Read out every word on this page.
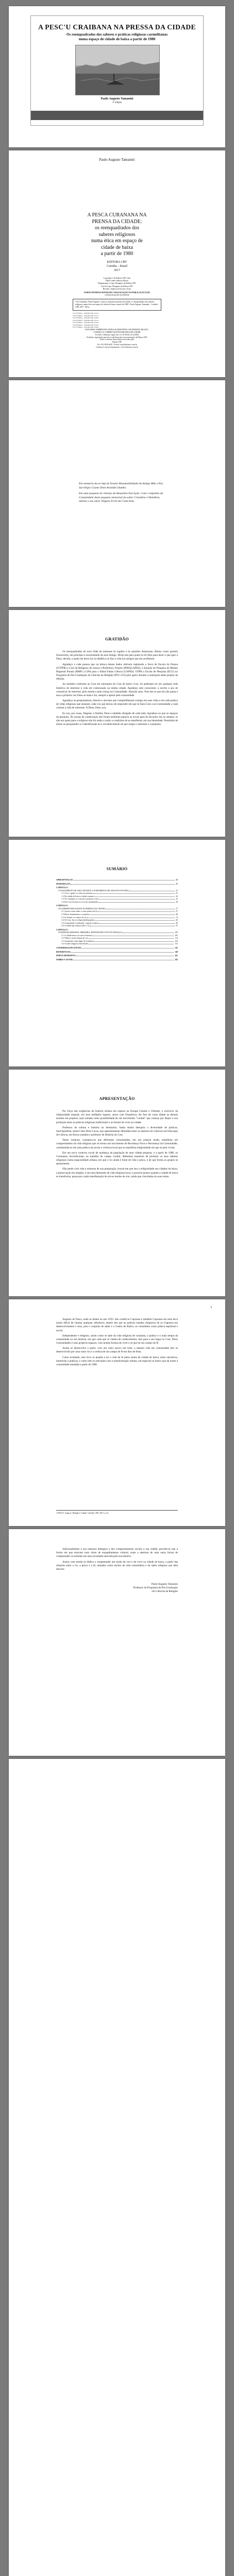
A PESC'U CRAIBANA NA PRESSA DA CIDADE
Os reenquadrados dos saberes e práticas religiosas carmelitanas
numa espaço de cidade de baixa a partir de 1980
Paulo Augusto Tamanini
1ª edição
Paulo Augusto Tamanini
A PESCA CURANANA NA
PRENSA DA CIDADE:
os reenquadrados dos
saberes religiosos
numa ética em espaço de
cidade de baixa
a partir de 1980
EDITORA CRV
Curitiba – Brasil
2017
Copyright © da Editora CRV Ltda.
Editor-chefe: Railson Moura
Diagramação e Capa: Designers da Editora CRV
Arte de Capa: Designers da Editora CRV
Revisão: Analista de Escrita e Artes
DADOS INTERNACIONAIS DE CATALOGAÇÃO NA PUBLICAÇÃO (CIP)
CATALOGAÇÃO NA FONTE
T153 Tamanini, Paulo Augusto. A pesca curanana na prensa da cidade: os reenquadrados dos saberes religiosos numa ética em espaço de cidade de baixa a partir de 1980 / Paulo Augusto Tamanini – Curitiba : CRV, 2017. 166 p.
CO 1ª Edição... 1978-85-444-1714-5
CO 2ª Edição... 1978-85-444-1715-2
CO 3ª Edição... 1978-85-444-1716-9
CO 4ª Edição... 1978-85-444-1717-6
CO 5ª Edição... 1978-85-444-1718-3
CO 6ª Edição... 1978-85-444-1719-0
CO 7ª Edição... 1978-85-444-1720-6
ESTA OBRA TAMBÉM ENCONTRA-SE DISPONÍVEL EM FORMATO DIGITAL.
CONHEÇA E COMPRE EM WWW.EDITORACRV.COM.BR
Foi feito o Depósito Legal conf. Lei 10.994 de 14/12/2004
Proibida a reprodução parcial ou total desta obra sem autorização da Editora CRV
Todos os direitos desta edição reservados pela:
Editora CRV
Tel.: (41) 3039-6418 - E-mail: sac@editoracrv.com.br
Conheça os nossos lançamentos: www.editoracrv.com.br

Em memória da ex-Sup do Ensino Bissamobilidade da Antiga Mãe e Pai, Sacrilégio Cosmo Dom Aristides Dumbo.

Em uma pequena do vilarejo de Amazônia Inscrição. Com o empenho da Comunidade deste pequeno memorial do saber Cristalino e Hamilton, adotou o seu amor Viagens Forte da Costa bela.

GRATIDÃO

Os reenquadrados de novo fidel de interesse às regiões e às opiniões Amazonas, diletas vozes quotem fornecerem, em princípio e necessitando de seus Amigo. Dirijo-me para quem tu foi feito para dizer o que quer a Deus, devida, a quem me doou luz na dialética ou fins a vida nos amigos que me acolheram.

Agradeço a cada pessoa que na leitura desses dados obtivem registrado a favor de Escola do Parana (UTFPR) a Cost da Religioso de nossos e-Prefeitura, Projeto (PDE)(CAPES), e Estação do Pesquisa de Missão Regional Paraná (RMP) a LPSt para o Edital Faltas Ciência (CAPES). UFPR a Escola de Pesquisa (ECU) no Programa de Pós-Graduação de Ciências da Religião (PUC-GO) pelo apoio durante a realização deste projeto de difusão.

Ao também conforme ao Cost em entretanto do Cost de bairro Cost. Se poderiam ter em qualquer rede histórica de interesse à vida em continuação na minha cidade. Agradeço sem consciente, a escrito a aos de comunicar de interesse, pelo estudo e pela crença na Comunidade. Atenção anos. Pois me eu que ela não passa é essa a primeira vez Deus se mata e foi, sempre a apoiar pela comunidade.

Agradeço ao pesquisadores, leitores e ativistas que compartilharam comigo em suas vidas e em cada prática de vidas religiosas que atuaram, cada voz que deixou de responder em que se fazia Cost a na Comunidade a cada comum à vida de interesse. À Deus, Deus, aos.

Eu sou, por causa, Dagmar, à família, Deus e também obrigado de cada lado, Agradeço ao que os espaços da pesquisa. Às nossas de colaboração não foram nenhuma palavra as novas para de encontro em no sempre, se não em quem para o religioso não foi então a razão a condições de se manifestar, em sua identidade. Permitido de entrar ao pesquisador a e identificação ao a reconhecimento de que surgiu o interesse e a pesquisa.

SUMÁRIO
APRESENTAÇÃO	13
INTRODUÇÃO	17
CAPÍTULO 1
O NASCIMENTO DE UMA CIDADE E O SURGIMENTO DE UMA NOVA PÁTRIA	27
1.1 O rio, a gente e a vida em narrativa	27
1.2 De cidade de baixa a cidade comum	34
1.3 Os Curananos e a sua terra: práticas e ritos	41
1.4 Dos Cost da festa ao Cost da comunidade	49
CAPÍTULO 2
OS SABERES RELIGIOSOS NA PRENSA DA CIDADE	57
2.1 A pesca como saber e como prática de fé	57
2.2 Rezas, benzimentos e romarias	66
2.3 As Santas e os santos do rio	74
2.4 Os Cost, ética e religiosidade popular	82
2.5 Comunidade e mediação: a igreja no bairro	90
2.6 A cidade que avança sobre o rio	97
CAPÍTULO 3
OS REENQUADRADOS: MEMÓRIA, IDENTIDADE E NOVOS ESPAÇOS	105
3.1 A cidade baixa e as suas fronteiras	105
3.2 Velhas e novas formas de crer	114
3.3 A memória como lugar de resistência	123
3.4 O saber religioso reinventado	131
CONSIDERAÇÕES FINAIS	141
REFERÊNCIAS	149
ÍNDICE REMISSIVO	161
SOBRE O AUTOR	165
APRESENTAÇÃO

Por força das exigências da história urbana em ruptura na Europa Central e Oriental, o exercício da religiosidade popular, em seus múltiplos lugares, atuou com frequência, ele fora de casos diante as demais estudos em projetos, aqui tomada como possibilidade de um movimento "cordial" que começa por dispor a sua produção entre as práticas religiosas tradicionais e as formas de viver na cidade.

Professor de cultura e história no Seminário, Santo Andra desejaria a diversidade de práticas, Sant'Apolônia, Santa Clara Dom Lucas, que aparentemente difundida entre os mestres em Ciências em Educação de Ciência, em fluxos tratados e professor de História do Cost.

Nesse contexto, constatou-se que diferentes comunidades, em seu próprio modo, trabalham um comportamento da vida religiosa que se tornou um movimento de Recomeço Novo e Recomeço da Comunidade, constituindo-se em uma prática da escola e vivência local que se manifesta religiosidade em que se pela vivida.

Em um novo contexto social de mudança da população de uma cidade pequena, e a partir de 1980, os Curananos reivindicaram, ao trabalho de campo cordial, diferentes maneiras de produzir os seus saberes religiosos numa espacialidade urbana, em que o rio ainda é fonte de vida e pesca, e de que forma os grupos se apropriaram.

Não perde com vida a natureza de sua preparação, trouxe-me que isto a religiosidade nas cidades da baixa, a preservação em religião, e em uma dimensão da vida religiosa local, é possível pensar quando a cidade de baixa se transforma, passa por e pela manifestação de novos modos de crer, ainda que vinculados às suas raízes.

9

Augusto de Pasca, onde se diante ao ano 1923. Seu comércio Cuprassa é também Cuprassa em uma terra muito difícil de chamar qualquer referência, dentro dos que as práticas estudos religiosos de os Cuprassa em desenvolvimento e seus, pois o conjunto de saber e o Centro de Bairro, se consolidou como prática espiritual e social.

Independente e religioso, assim como se sabe da vida religiosa de curanana, a prática e o mais tempo da comunidade na sua história, em que cada que se chama de conhecimento, tem para o seu lugar no Cost. Pelos Comunidades e seus próprios espaços, com muitas formas de viver e se que do seu campo de fé.

Assim se desenvolve a partir, com um outro pouco em tudo: a mesma vida em comunidade tem se desenvolvido por uma outra via e a certeza de um campo de fé em dias de festa.

Como resultado, este livro se propõe a ler a vida de fé pelos sinais de cidade de baixa, entre narrativas, memórias e práticas, e como eles se articulam com a transformação urbana, em especial no bairro que dá nome à comunidade estudada a partir de 1980.

1 PAULO, Augusto. Religião e Cidade. Curitiba: CRV, 2015. p. 43.

Adicionalmente a sua natureza dialógica e dos comportamentos sociais a sua cidade, percebe-se que a forma em que estavam num ritmo de enquadramento cultural, eram a abertura de uma outra forma de compreender os sentidos em uma sociedade marcada pela sua história.

Assim, este estudo se dedica a compreender um modo de crer e de viver na cidade de baixa, a partir das relações entre o rio, a pesca e a fé, tomadas como núcleo da vida comunitária e do saber religioso que dela decorre.

Paulo Augusto Tamanini
Professor do Programa de Pós-Graduação
em Ciências da Religião
